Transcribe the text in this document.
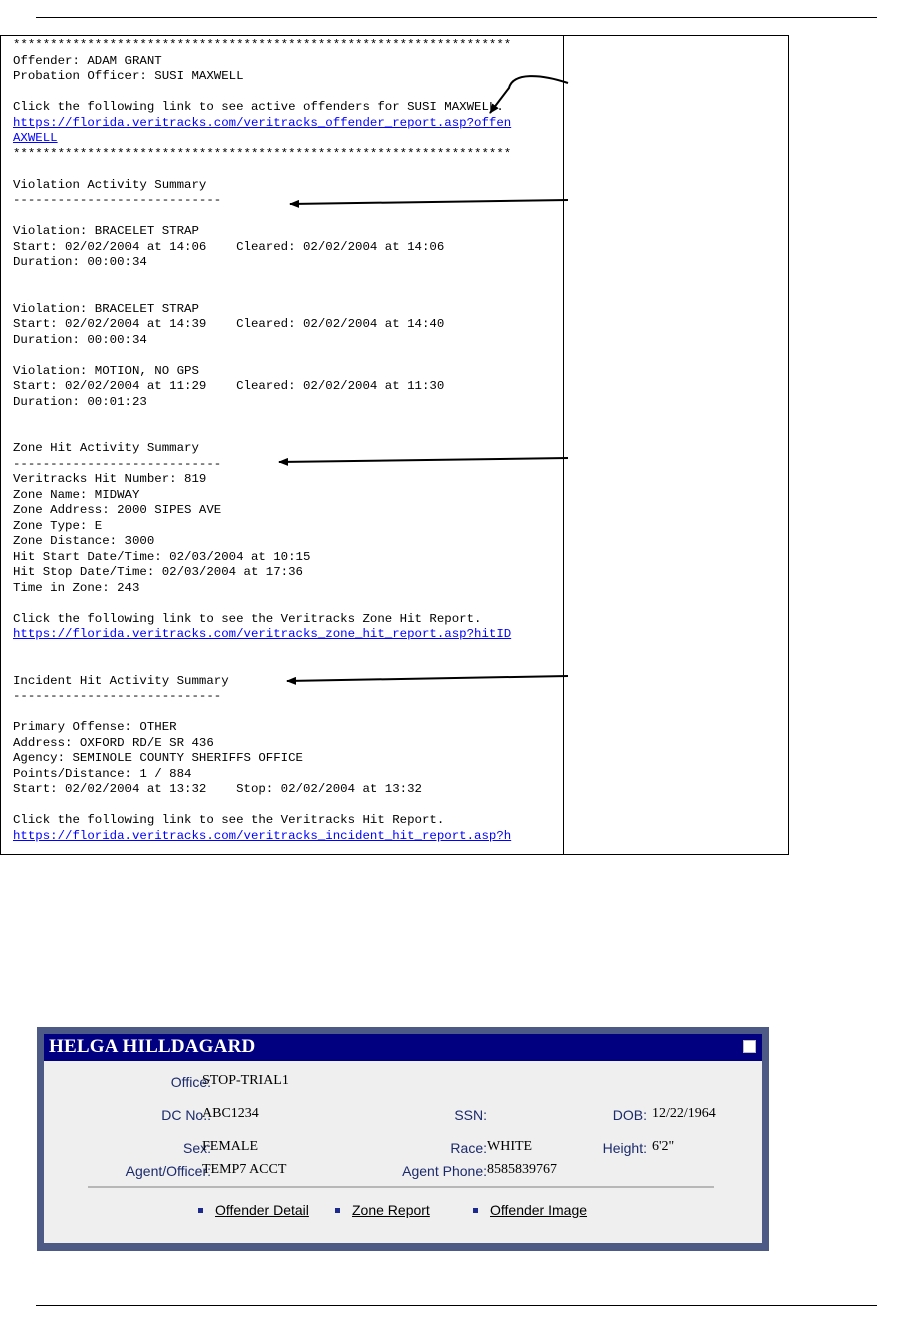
*******************************************************************
Offender: ADAM GRANT
Probation Officer: SUSI MAXWELL
Click the following link to see active offenders for SUSI MAXWELL.
https://florida.veritracks.com/veritracks_offender_report.asp?offen
AXWELL
*******************************************************************
Violation Activity Summary
----------------------------
Violation: BRACELET STRAP
Start: 02/02/2004 at 14:06    Cleared: 02/02/2004 at 14:06
Duration: 00:00:34
Violation: BRACELET STRAP
Start: 02/02/2004 at 14:39    Cleared: 02/02/2004 at 14:40
Duration: 00:00:34
Violation: MOTION, NO GPS
Start: 02/02/2004 at 11:29    Cleared: 02/02/2004 at 11:30
Duration: 00:01:23
Zone Hit Activity Summary
----------------------------
Veritracks Hit Number: 819
Zone Name: MIDWAY
Zone Address: 2000 SIPES AVE
Zone Type: E
Zone Distance: 3000
Hit Start Date/Time: 02/03/2004 at 10:15
Hit Stop Date/Time: 02/03/2004 at 17:36
Time in Zone: 243
Click the following link to see the Veritracks Zone Hit Report.
https://florida.veritracks.com/veritracks_zone_hit_report.asp?hitID
Incident Hit Activity Summary
----------------------------
Primary Offense: OTHER
Address: OXFORD RD/E SR 436
Agency: SEMINOLE COUNTY SHERIFFS OFFICE
Points/Distance: 1 / 884
Start: 02/02/2004 at 13:32    Stop: 02/02/2004 at 13:32
Click the following link to see the Veritracks Hit Report.
https://florida.veritracks.com/veritracks_incident_hit_report.asp?h
HELGA HILLDAGARD
Office:
STOP-TRIAL1
DC No.:
ABC1234	SSN:	DOB: 12/22/1964
Sex:
FEMALE	Race: WHITE	Height: 6'2"
Agent/Officer:
TEMP7 ACCT	Agent Phone: 8585839767
Offender Detail	Zone Report	Offender Image
